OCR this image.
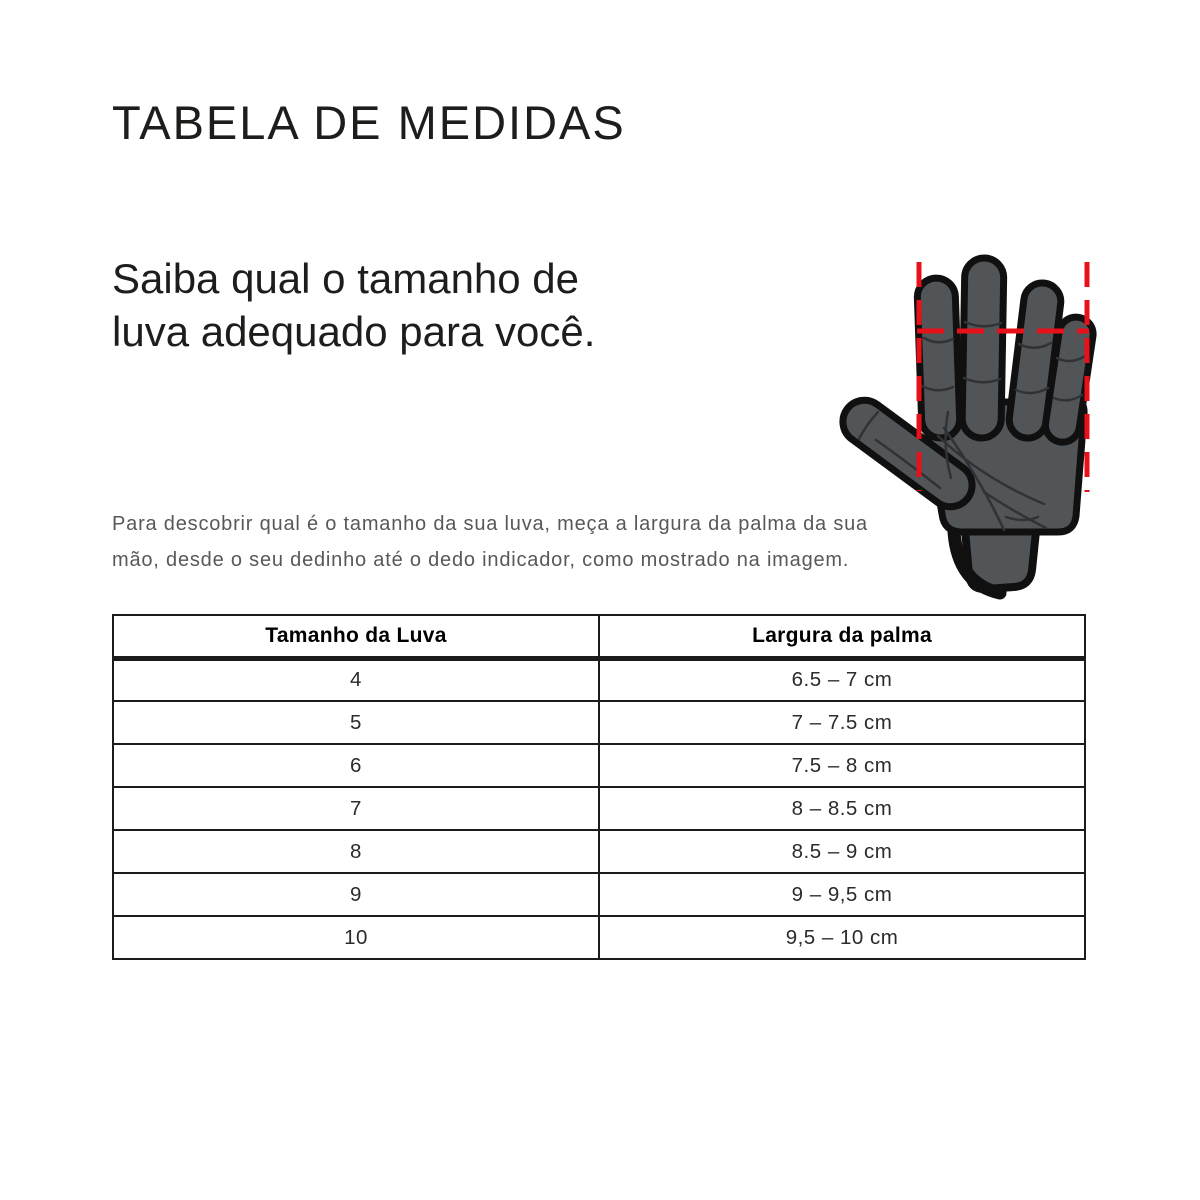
TABELA DE MEDIDAS
Saiba qual o tamanho de
luva adequado para você.
Para descobrir qual é o tamanho da sua luva, meça a largura da palma da sua
mão, desde o seu dedinho até o dedo indicador, como mostrado na imagem.
Tamanho da Luva	Largura da palma
4	6.5 – 7 cm
5	7 – 7.5 cm
6	7.5 – 8 cm
7	8 – 8.5 cm
8	8.5 – 9 cm
9	9 – 9,5 cm
10	9,5 – 10 cm
